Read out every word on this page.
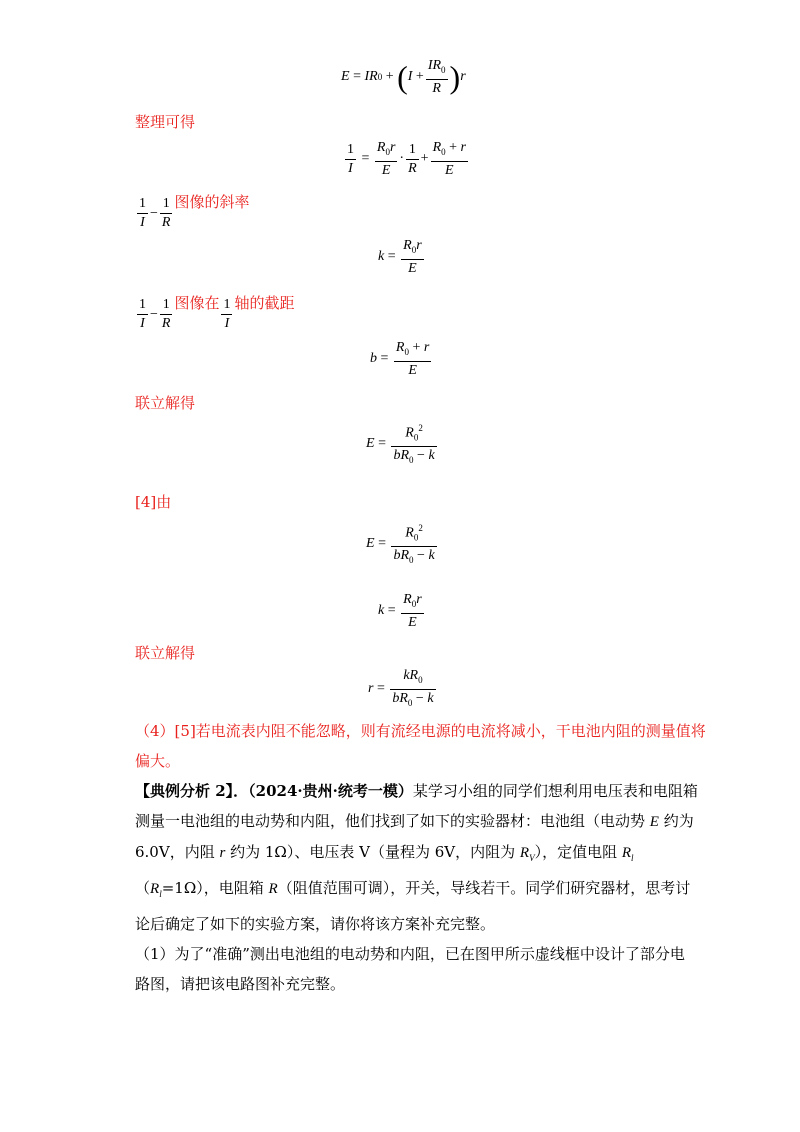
E = IR 0 + ( $I + \frac{IR_0}{R}$ ) r
整理可得
$\frac{1}{I} = \frac{R_0r}{E} \cdot \frac{1}{R} + \frac{R_0 + r}{E}$
$\frac{1}{I} - \frac{1}{R}$ 图像的斜率
$k = \frac{R_0r}{E}$
$\frac{1}{I} - \frac{1}{R}$ 图像在 $\frac{1}{I}$ 轴的截距
$b = \frac{R_0 + r}{E}$
联立解得
$E = \frac{R_0^2}{bR_0 - k}$
[4]由
$E = \frac{R_0^2}{bR_0 - k}$
$k = \frac{R_0r}{E}$
联立解得
$r = \frac{kR_0}{bR_0 - k}$
（4）[5]若电流表内阻不能忽略，则有流经电源的电流将减小，干电池内阻的测量值将
偏大。
【典例分析 2】．（2024·贵州·统考一模）某学习小组的同学们想利用电压表和电阻箱
测量一电池组的电动势和内阻，他们找到了如下的实验器材：电池组（电动势 E 约为
6.0V，内阻 r 约为 1Ω）、电压表 V（量程为 6V，内阻为 $R_V$），定值电阻 $R_l$
$(R_l=1\Omega)$，电阻箱 R（阻值范围可调），开关，导线若干。同学们研究器材，思考讨
论后确定了如下的实验方案，请你将该方案补充完整。
（1）为了“准确”测出电池组的电动势和内阻，已在图甲所示虚线框中设计了部分电
路图，请把该电路图补充完整。
